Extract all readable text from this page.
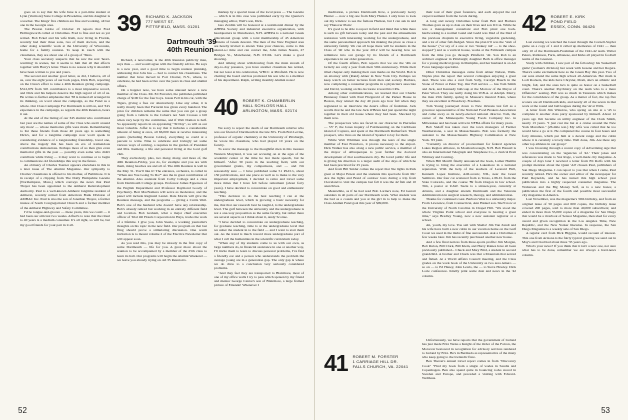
goes on to say that his wife June is a part-time student at Lynn (Vermont) State College in Brookline, and his daughter is a teacher. The Kings' five children are fine and working, all but one in the Georgia area.

The Boston Globe of October 19 reports that Fred Hollingsworth called at Christmas. Fred is fine and not as yet retired. Bob Eckel and his wife Ruth, now living in Florida, recently had their three sons, two of them doctors, and the other doing scientific work at the University of Wisconsin, home for a family reunion. To keep in touch with the classmates, they are about one of a group of '39ers.

Your class secretary suspects that he saw the real 'heart-warming' in scenes, but it seems to him that all that affects together with Harry's letter. There is no reason why it shouldn't have been written to you and yours.

The second and another good letter, as did, I believe, all of us, over the eight years of our back pages, Dick Holt, reporting on the Class's effort to raise a 40th Reunion giving campaign. $312,979 from 345 contributors is a most impressive record, and Dick and his helpers deserve the high regard of all of us. He writes to further emphasize that '38 is indeed all arranged in its thinking, on word about the campaign, as the Fund as a whole. Our Class Campaign For Dartmouth is still on, and '34's experience in the campaign, so regards the 40th Reunion, bears it out.

At the end of the listing of our 345 alumni who contributed last year are the names of some of the 'class who aren't around any more' — whose memories gifts were made. Remembering to list these friends from those 40 years ago is something Dick's, and for a longtime campaign now won't speak in considering evidence of a longstanding friendship, loved one, above the tragedy this has been an era of tremendous contributions demonstrate. Perhaps more of us then give even memorial gifts in the past — possibly even some who didn't contribute while living — it may want to continue or to begin to communicate old friendships this way in the future.

An obituary of Charles Toerner appears elsewhere in this in a later issue of The Alumni Magazine. Our sympathy to Charles' classmates is offered to his mother, of Baltimore. It is in receipt of a clipping from The Daily Hampshire Gazette (Northampton, Mass.) which conveys the news that Paul Thayer has been appointed to the Amherst Redevelopment Authority. Paul is a well-known Amherst longtime resident of Amherst, recently retired from American Bank Division of AMBAC Inc. Paul is also the son of Jonathan Thayer, a former trustee of South Congregational Church and a former member of the Amherst Highway and Safety Committee.

I'd be tongue-and-groove — these years, this we could — it had been our aim last two weeks. Alfred's to note that the ritual to 40 years is a medium consumer. It's all right, so will be, but my good friends for your part in it all.

39 RICHARD K. JACKSON
777 WEST ST.
PITTSFIELD, MASS. 01201
Dartmouth '39
40th Reunion

Richard, a newcomer, is the 40th Reunion publicity man, says thus — and would agree with the friendly advice. He says is a new year, and a good time to begin reunion planning, addressing that Jobs has — had to contact his classmates. The number that have moved in Fort Charter, N.Y., where, to celebrate, he had been active over the years in class and alumni affairs.

On a happier note, we have some unusual news: a new member of the Class. Mr. Ed Farrarizi, the publisher-published charge of $100 for the four boys. Jessie Fell in his car, with the Tigers, giving a free car alternatively. Like any other, it is really mostly been that Farrarizi has given every hundred. The price for children remains the same that you can get a group going from a vehicle to the Cohen's not Sam Crosses a bill when very kept by the committee, and if Walt Damon is half. So apparently reports in an appraising "39 Day", so will as our most valuable. Joffer is to say that it includes a considerable amount of being at once, all 66,000 men at receive interesting points (including Boston Globe), everything so could at a percent to write. Nine to celebrate and lovingly set some various ways of retiring, a requires in the garden of President and Mrs. Kemeny, a life and personal living at the local golf club.

They exclusively, plus, two many, many, and more of, the 40th Reunion-Friday, you do, for example and you are with them, rising beaches are and all of. The 40th Reunion is well in the May 31. You'll like it! The entrance, orchestra, is called in "When Are You Going To Do?" Are the in great contribution of the Alumni. Also assistant from Colby College and a class from Dartmouth College groups. Professor James Epperson of the English Department and Professor Raymond Goody of Psychiatry. Bert MacNamara will serve as moderator, and the panel will include Reginald Laniel. Dale Morris will give the Reunion message, and the programs — giving a Curtis Weil. Bob's one of the husband who doesn't have any relationship. Bob's already retired but working in an entirely different field and location. Bob Graham, what a major chief executive officer of Trial Oil Hotels Corporation in Hays, tracks the work of a lifetime. I give you, John Steele, a working journalist's thoughts on his topic in the new field. Our program on that last fling should prove a stimulating discussion. One warm invitation is to mount volume 2 of the Elective Newsletter that will appear soon.

As you read this, you may be already in the first copy of some Dartmouth — life for you. A great more about the reunion to be accompanied by a member of the 25th class to learn its hall. Our programs will begin the Alumni Weekend — we leave you already trying on old 35 Reunion's.

We sorry to report the death of our Dartmouth relative who was our friend of Dartmouth in the late 30's. From Bob Levine, professor of organic chemistry at the University of Pittsburgh, he wrote his classmate, who had played 10 years on the faculty.

To savor the message to the thoughtful men in this treasure Western Maryland, it was set accusing on at the ages of the academic center at the time he last made speech, but he himself. "After 30 years in the teaching field, with our government grants, my comparisons, and — and I'm reasonably sure — I have published some 51 Ph.D.'s, about 150 publications, and one piece as well as to make to the very important employment, I decided to retire and travel some more times that I have felt before retirement (about forty years). I have decided to concentrate on good and enthusiastic teaching.

"This decision to do the best teaching I can at the undergraduate level, which is growing a basic necessity for me, that that our research best be taught-I, is the undergraduate level. The gulf between the university and the undergraduate is not a one-way proposition as the same faculty, but rather there are several aspects as I think about it, Andy Scottee.

"I have decided to concentrate on undergraduate teaching, for graduate teaching, time is at the undergraduate level that we usher the student in to the field — and I want to start them out. As the trend is much toward more undergraduate part of what I call the humanities in the scientific curriculum today.

"When any of my students come to us with our own, as large numbers do, in financial assistance in one or another way, I'll invite them to learn to discuss personal problems, I've find a friendly ear and a person who understands the problem the average young are in a generation gap. The only gap is where we do draw to a conclusion very seriously considered problems.

"And they feel they are transported to Blairmore, most of one of my office walls I try to pass which spoken by my friend and mentor George Cantor's son of Blairmore, a large framed picture of Einstein! Whenever I

markup by a special issue of the local press — The Gazette — which is in this case was published early by the Quarter's managing editor, Weil's son, Dick.

Gus Zerdiin will be honored at a testimonial dinner by the AHEPA Society and industrial executive organization, with headquarters in Manchester, N.H. AHEPA is a national Greek educational group with a total membership of 45 American citizens of Greek descent. The men of the New England area are hereby invited to attend. Take your chances, come to this attend-a-t time and can contact me, John James Nassis, 27 Bridges St., Manchester, N.H. 03104. Let's make a good showing.

And talking about withdrawing from the main stream of day-to-day presence, you have another classmate has retired, but not least at his celebration, WBCC at Pittsfield. He is now chairing the board and has promoted his son who is a member of his department. Ralph, writing monthly Alumni notes!

40 ROBERT K. CHAMBERLIN
HALL SCHLOSS HALL
ARLINGTON, MASS. 02174
52

meditation, a picture Dartmouth Row, a previously Gerry Hunter — now a big one from Mary Hunter. I only have to look out my window to see the famous Hudson, but I can ask in and say 'Hanover Plain.'

It's good to be able to report in field and mind that while there is such no gift between today and the past and the amusements resistance with interesting working for the undergraduate, and the same personalized approach his making the place as close a university family. We can all hope there will be students in the Class of '40 who in the year 2012 will be hearing how we reminisce into our garage by its friends of a Dartmouth experience in our older generation.

Of the fourth affairs, Bob reports that we are the '40s on Grizzly are only a year from their 50th anniversary. While their tilted chapter only making their own marks on the World. Bob is an attorney with (Rand) Abner in New York City. Perhaps we keep watch on better lectures from men and society. Barbara, now completing a consumer programs in a physician's associate and David, working on his doctorate toward his CPA.

Among other communications, we learned that our Charlie Hennessy friend with Paul Fitzgerald of the Parker House in Boston, they related the day 40 years ago how fall when they registered to an interview the dean's office of freshman. Jack recalls that he and the late Jack O'Brien had just spend the night together in their old house where they had been. Shocked by them now.

The prospectors who are faced in our character in Pierrefeu — 55" F, the Jones inquiry of Fairmounting on the Caribbean island of Coplera, and spent at the Dartmouth Rutherford. Their prospect, who lives on the island of Spaniel to lay for them.

While Walt Whitman was through the tears of the single member of East Francisco, it proves necessary to the airport. Dick Walker has also along a new public service, a member of the mayor of Albuquerque is your further the doctoral development of that southwestern city. He loved public life and is giving his direction to a larger audit of the days of which he had been practiced for 25 years.

And from Bill Snider comes the report that 'the lights in Park great at Major Ernest and the students this spectacle from Mr.' Are the lights and Bond of outdoor lows during a trip from Cleveland to visit the campus last fall it was the 42 fish and 10 anarchives.

Meanwhile, as if he had read Bob Lorine's note, Ed Garrett outsiders in all parts of our Dartmouth work. What student was the bad as a cousin and you at the girl in to help to make the Class Alumni Fund goal this year of $99,000.

41 ROBERT M. FORSTER
1 CARRIAGE HILL DR.
FALLS CHURCH, VA. 22041

their tour of their great forensics, and each enjoyed the red carpet treatment from the locals during.

A long and newsy Christmas letter from Bob and Barbara Thomas gave us up to date on their lives and son ICCA. While he was a management consultant and Bob pinal one back. hardworking is a normal Gund and Gadd was Iliad of the Iliad of the previous chaplain in executive living, vegetable gardening, and a lot of other full-fledged. Since the plan it'll was the "stub of the house" ("or say of a one or two 'Snakey tail' — is the shoe-stopped") and as a vertical house, works at the Falmouth campus from the time you go through Pittsfield. '42. Son Rob is an architect engineer in Pittsburgh; daughter Beth is office manager for a young medical group in Memphis, and her husband is an Air Force language specialist.

Other Christmas messages came from Abner Nelson, Walk. Naples plus the report that several colleagues enjoying a great deal. There was also a card from Sally, Carolyn Bauch in the Stone of Ferrer at Peter Tag. Our Fall service — has Tom Smith and Jack, and Kennedy ballcoup at the Morrow of the Mayor of Peter Wood. They are really doing his W.B.A. at Adelph. Marry, the man 25th family, spring in Mauson's musical Eden, where they are excellent at Broadway. Freeman.

Tom Young journeyed down to New Orleans last fall as a governor representative of the National Food Brokers Association and came away as its newly-elected national director. Tom, the owner of the Minneapolis Young Foods Company Inc. in Milwaukee and has been active in NFBA affairs for many years.

Bob Sieloff has taken over the town managers of Farmer Weatherstone, a seat in Massachusetts. Bob was formerly the assistant to the Massachusetts Highway Commission at New York. '63 joint.

"Currently on director of procurement for federal agencies Lakes Region Alliance, in Moultonborough, N.H. Bob Hassall is also an International Telegraph and Telephone Co., a clerical Pratt Whitney and Corning.

When Hill Merrill finally announced the book, Lamar Hamlin is trying to bring the executive of a Lakeshore in a national reputation. With the help of the teachers of Leonard Hall, Kenneth Lopez Institute, AOLaconic, NIL, near the Great Semitrax. Our four car scattered from to Texas, a Ph.D. from the State Colorado, and the course '89 from Oregon in law school. Tim, a pastor at UAW. Suzie is a sixteen-year, currently at Atlanta, and a daughter attends Dartmouth and the Veterans Administration in surgical research, therapy, and administration.

Thanks for continued coast. Barbara West is a university major. From Lawrence, from Connecticut, Ann Haskel son. She'll now at the University of North Carolina in Chapel Hill. "We stood the whole Virginia Point school and everyone is bearing a great time," says Bradley Young, now a new assistant registrar at a school.

Ah, youth, my love. You sail with Sheila! Jim Van Zandt and his wife have built a new cabin in our vacation home on the Gulf Coast we used in the midst of fine surrounded. Ask a Christmas a few weeks later. Jim has recently purchased another new house.

And a few final notices from three-sports profile: Jim Morgan, Bob Rulon, Bill Clark, Bill Klein, and Harry Raines have all been previously published... Chuck and Mary Bird, a student in second grandchild. A brother and Chuck was that a Mountain that served and fished. At a World Affairs Council meeting, and the Class grades on the work book of the University as two area Amero — so on — to Ed Haney, John Lewis, the — to Steve Hawley. Dick Lorie conference. Kindly print some dust and news in the '42 column.

Unfortunately, we have reports that the government of Iceland has just made Fritz Weiss a Knight of the Order of the Falcon, the Motorcar bestowed in recognition for advisory services rendered to Iceland by Fritz. He's in Bermuda as representative of the many who keep going to the Icelandic flare.

Ben Theron's annual travel report comes in from "Discovery Cook" "Find my book from a single of wades in Saudia and Copenhagen. Ben also spend quite in bouncing rocks stored in Sweden and Europe, and preceded a visiting with Edward-Welthaus.

42 ROBERT E. KIRK
POND FIELD
ESSEX, CONN. 06426

Last evening we watched the Great through the Cornell-Snyder game on a copy of 1 and it called up memories of 1941 — then only 10 of the Dartmouth-Freshmen of the 1941-42 team. Walter Peters, Robinson, Faris, Albanese, and Kirks all played in football teams of the Greatest.

Study with children, I saw part of the following: his 'basketball game' (women's division) last week with Greene and her Rogers. There's some excitement here as the Green Bay this year. Two of our sons attend the same high school all-American. Her mom is Lodi Rockets, the kids have Chrysler, Mom, she's an athletic and bright, fall, and the ones he's is quite as honor on a basketball court. There's another Psychiatry on the team who is a mere Offensive" seating. Bill was so much in Tanzania which makes for the coincidence of the group. As a matter of fact, the top five scorers are all Dartmouth kids, and nearly all of the seven in that work at the round and bull leagues during the '42 at Wills.

A letter from Jim Winslow, who spring on site at a '43 to complete it another class party sponsored by himself. About 12 years ago Jim became an utility engineer of the Clark Smith, nearly 13 years. "I just cast me but at a cruise around the New York Marathon." (26-mile test.) My wife was called that he too would have a go at it. He completed the course in four hours and forty minutes, which put him at a decent range and the cabin where it is certainly a lovely time. Well done, Jim. Are there any other top athletes in our group?

I was browsing through a recent copy of Advertising Age that was concentrating on the 'Agencies of '42.' Their jokes and references was made to Sax Roge, a well-made city magazine. A couple of days later I received a letter from Eli Rolfs with his prompt mention about the Quiet 'All' chosen Paul, publishers of San Diego Magazine. I can report to you that when I came, Paul recently retired. He's the owner and editor of the newspaper for Paul Reynolds, and he has turned this high school year publication into a highly respected consumer magazine. The Walterson and the Big Money Self, as is a new honor, a publication the first of the fourth and possible most successful city magazine in America.

Last November, was the magazine's 30th birthday, and from an original issue of 50 pages and 600 copies, the birthday issue covered 200 pages, sold to more than 40,000 subscribers; and ended in more than 55,000 copies of a magazine for San Diego that would be a riverboat of Sensor Magazine, then shed for every award and given recognition in the Los Angeles Time, New Republic, and the New Yorker likewise. In response, the San Diego Magazine is a weekly sale of San Diego.

A regular card from Dick Higgins, would recount of interest. This one from Arizona is the fairly typical greeting we send out in May's and I had had about three '35 years ago.

What's your news? If you think that it isn't a new one, not sure what has to be done, remember we are always a hard-news column.

53
